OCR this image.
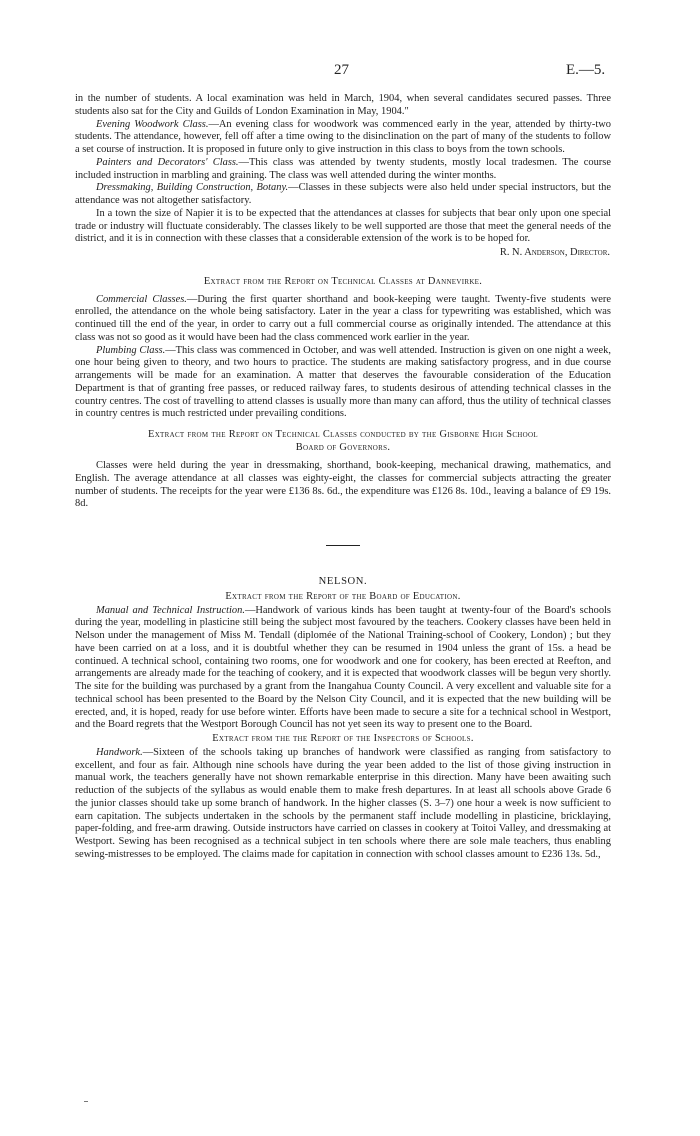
27	E.—5.

in the number of students. A local examination was held in March, 1904, when several candidates secured passes. Three students also sat for the City and Guilds of London Examination in May, 1904."

Evening Woodwork Class.—An evening class for woodwork was commenced early in the year, attended by thirty-two students. The attendance, however, fell off after a time owing to the disinclination on the part of many of the students to follow a set course of instruction. It is proposed in future only to give instruction in this class to boys from the town schools.

Painters and Decorators' Class.—This class was attended by twenty students, mostly local tradesmen. The course included instruction in marbling and graining. The class was well attended during the winter months.

Dressmaking, Building Construction, Botany.—Classes in these subjects were also held under special instructors, but the attendance was not altogether satisfactory.

In a town the size of Napier it is to be expected that the attendances at classes for subjects that bear only upon one special trade or industry will fluctuate considerably. The classes likely to be well supported are those that meet the general needs of the district, and it is in connection with these classes that a considerable extension of the work is to be hoped for.

R. N. Anderson, Director.

Extract from the Report on Technical Classes at Dannevirke.

Commercial Classes.—During the first quarter shorthand and book-keeping were taught. Twenty-five students were enrolled, the attendance on the whole being satisfactory. Later in the year a class for typewriting was established, which was continued till the end of the year, in order to carry out a full commercial course as originally intended. The attendance at this class was not so good as it would have been had the class commenced work earlier in the year.

Plumbing Class.—This class was commenced in October, and was well attended. Instruction is given on one night a week, one hour being given to theory, and two hours to practice. The students are making satisfactory progress, and in due course arrangements will be made for an examination. A matter that deserves the favourable consideration of the Education Department is that of granting free passes, or reduced railway fares, to students desirous of attending technical classes in the country centres. The cost of travelling to attend classes is usually more than many can afford, thus the utility of technical classes in country centres is much restricted under prevailing conditions.

Extract from the Report on Technical Classes conducted by the Gisborne High School
Board of Governors.

Classes were held during the year in dressmaking, shorthand, book-keeping, mechanical drawing, mathematics, and English. The average attendance at all classes was eighty-eight, the classes for commercial subjects attracting the greater number of students. The receipts for the year were £136 8s. 6d., the expenditure was £126 8s. 10d., leaving a balance of £9 19s. 8d.

NELSON.

Extract from the Report of the Board of Education.

Manual and Technical Instruction.—Handwork of various kinds has been taught at twenty-four of the Board's schools during the year, modelling in plasticine still being the subject most favoured by the teachers. Cookery classes have been held in Nelson under the management of Miss M. Tendall (diplomée of the National Training-school of Cookery, London) ; but they have been carried on at a loss, and it is doubtful whether they can be resumed in 1904 unless the grant of 15s. a head be continued. A technical school, containing two rooms, one for woodwork and one for cookery, has been erected at Reefton, and arrangements are already made for the teaching of cookery, and it is expected that woodwork classes will be begun very shortly. The site for the building was purchased by a grant from the Inangahua County Council. A very excellent and valuable site for a technical school has been presented to the Board by the Nelson City Council, and it is expected that the new building will be erected, and, it is hoped, ready for use before winter. Efforts have been made to secure a site for a technical school in Westport, and the Board regrets that the Westport Borough Council has not yet seen its way to present one to the Board.

Extract from the the Report of the Inspectors of Schools.

Handwork.—Sixteen of the schools taking up branches of handwork were classified as ranging from satisfactory to excellent, and four as fair. Although nine schools have during the year been added to the list of those giving instruction in manual work, the teachers generally have not shown remarkable enterprise in this direction. Many have been awaiting such reduction of the subjects of the syllabus as would enable them to make fresh departures. In at least all schools above Grade 6 the junior classes should take up some branch of handwork. In the higher classes (S. 3–7) one hour a week is now sufficient to earn capitation. The subjects undertaken in the schools by the permanent staff include modelling in plasticine, bricklaying, paper-folding, and free-arm drawing. Outside instructors have carried on classes in cookery at Toitoi Valley, and dressmaking at Westport. Sewing has been recognised as a technical subject in ten schools where there are sole male teachers, thus enabling sewing-mistresses to be employed. The claims made for capitation in connection with school classes amount to £236 13s. 5d.,
